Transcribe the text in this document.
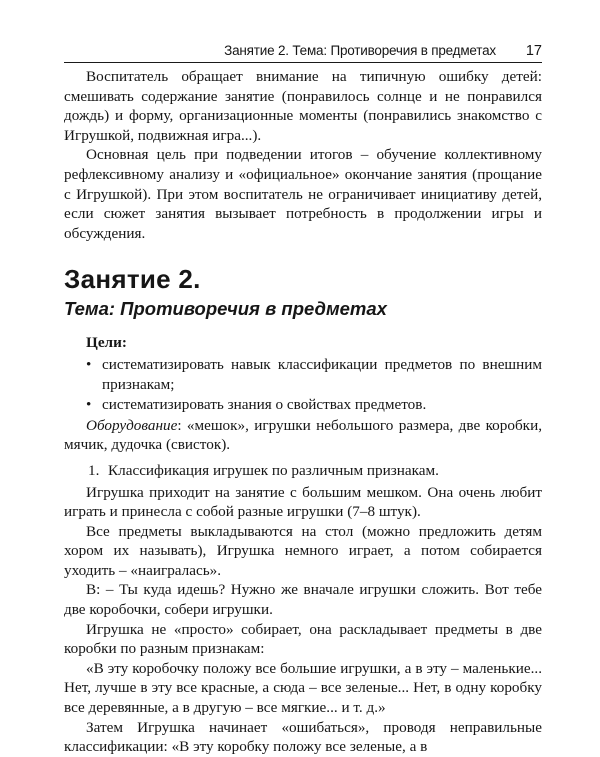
Занятие 2. Тема: Противоречия в предметах 17

Воспитатель обращает внимание на типичную ошибку детей: смешивать содержание занятие (понравилось солнце и не понравился дождь) и форму, организационные моменты (понравились знакомство с Игрушкой, подвижная игра...).

Основная цель при подведении итогов – обучение коллективному рефлексивному анализу и «официальное» окончание занятия (прощание с Игрушкой). При этом воспитатель не ограничивает инициативу детей, если сюжет занятия вызывает потребность в продолжении игры и обсуждения.

Занятие 2.
Тема: Противоречия в предметах

Цели:

• систематизировать навык классификации предметов по внешним признакам;
• систематизировать знания о свойствах предметов.

Оборудование: «мешок», игрушки небольшого размера, две коробки, мячик, дудочка (свисток).

1. Классификация игрушек по различным признакам.

Игрушка приходит на занятие с большим мешком. Она очень любит играть и принесла с собой разные игрушки (7–8 штук).

Все предметы выкладываются на стол (можно предложить детям хором их называть), Игрушка немного играет, а потом собирается уходить – «наигралась».

В: – Ты куда идешь? Нужно же вначале игрушки сложить. Вот тебе две коробочки, собери игрушки.

Игрушка не «просто» собирает, она раскладывает предметы в две коробки по разным признакам:

«В эту коробочку положу все большие игрушки, а в эту – маленькие... Нет, лучше в эту все красные, а сюда – все зеленые... Нет, в одну коробку все деревянные, а в другую – все мягкие... и т. д.»

Затем Игрушка начинает «ошибаться», проводя неправильные классификации: «В эту коробку положу все зеленые, а в
